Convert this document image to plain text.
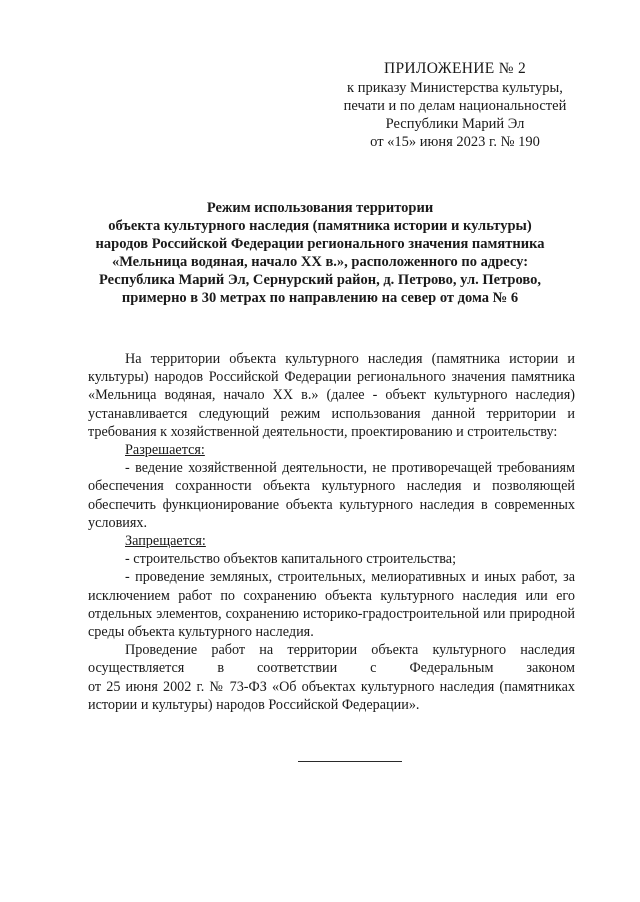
ПРИЛОЖЕНИЕ № 2
к приказу Министерства культуры,
печати и по делам национальностей
Республики Марий Эл
от «15» июня 2023 г. № 190
Режим использования территории
объекта культурного наследия (памятника истории и культуры)
народов Российской Федерации регионального значения памятника
«Мельница водяная, начало XX в.», расположенного по адресу:
Республика Марий Эл, Сернурский район, д. Петрово, ул. Петрово,
примерно в 30 метрах по направлению на север от дома № 6

На территории объекта культурного наследия (памятника истории и культуры) народов Российской Федерации регионального значения памятника «Мельница водяная, начало XX в.» (далее - объект культурного наследия) устанавливается следующий режим использования данной территории и требования к хозяйственной деятельности, проектированию и строительству:

Разрешается:

- ведение хозяйственной деятельности, не противоречащей требованиям обеспечения сохранности объекта культурного наследия и позволяющей обеспечить функционирование объекта культурного наследия в современных условиях.

Запрещается:

- строительство объектов капитального строительства;

- проведение земляных, строительных, мелиоративных и иных работ, за исключением работ по сохранению объекта культурного наследия или его отдельных элементов, сохранению историко-градостроительной или природной среды объекта культурного наследия.

Проведение работ на территории объекта культурного наследия

осуществляется в соответствии с Федеральным законом

от 25 июня 2002 г. № 73-ФЗ «Об объектах культурного наследия (памятниках истории и культуры) народов Российской Федерации».
